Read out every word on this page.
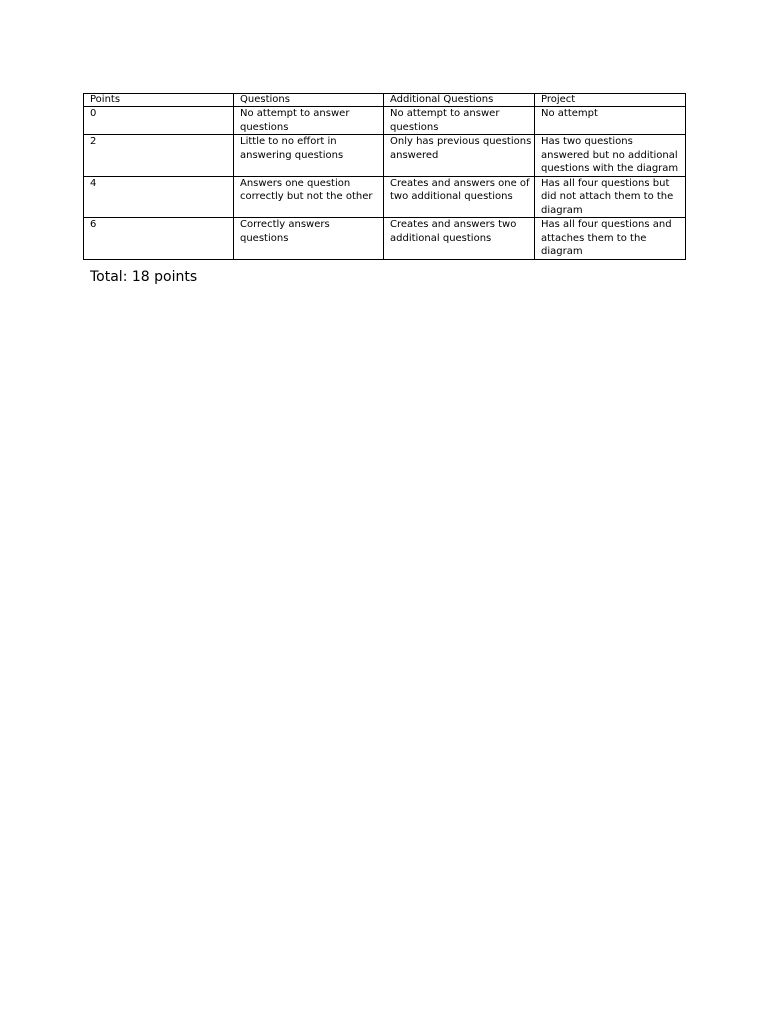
Points	Questions	Additional Questions	Project
0	No attempt to answer questions	No attempt to answer questions	No attempt
2	Little to no effort in answering questions	Only has previous questions answered	Has two questions answered but no additional questions with the diagram
4	Answers one question correctly but not the other	Creates and answers one of two additional questions	Has all four questions but did not attach them to the diagram
6	Correctly answers questions	Creates and answers two additional questions	Has all four questions and attaches them to the diagram
Total: 18 points
